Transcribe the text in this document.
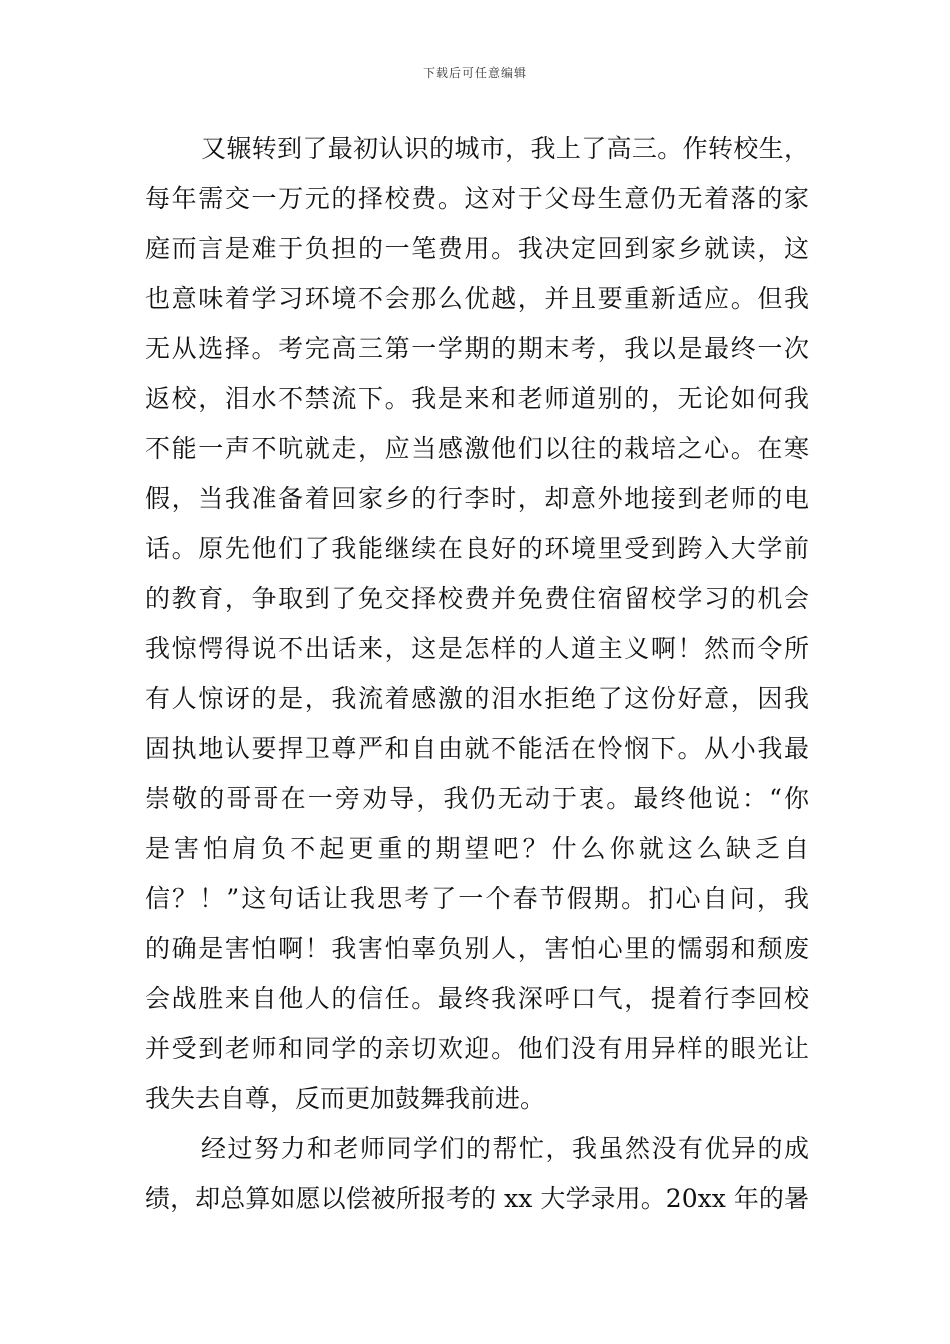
下载后可任意编辑
又辗转到了最初认识的城市，我上了高三。作转校生，
每年需交一万元的择校费。这对于父母生意仍无着落的家
庭而言是难于负担的一笔费用。我决定回到家乡就读，这
也意味着学习环境不会那么优越，并且要重新适应。但我
无从选择。考完高三第一学期的期末考，我以是最终一次
返校，泪水不禁流下。我是来和老师道别的，无论如何我
不能一声不吭就走，应当感激他们以往的栽培之心。在寒
假，当我准备着回家乡的行李时，却意外地接到老师的电
话。原先他们了我能继续在良好的环境里受到跨入大学前
的教育，争取到了免交择校费并免费住宿留校学习的机会
我惊愕得说不出话来，这是怎样的人道主义啊！然而令所
有人惊讶的是，我流着感激的泪水拒绝了这份好意，因我
固执地认要捍卫尊严和自由就不能活在怜悯下。从小我最
崇敬的哥哥在一旁劝导，我仍无动于衷。最终他说：“你
是害怕肩负不起更重的期望吧？什么你就这么缺乏自
信？！”这句话让我思考了一个春节假期。扪心自问，我
的确是害怕啊！我害怕辜负别人，害怕心里的懦弱和颓废
会战胜来自他人的信任。最终我深呼口气，提着行李回校
并受到老师和同学的亲切欢迎。他们没有用异样的眼光让
我失去自尊，反而更加鼓舞我前进。
经过努力和老师同学们的帮忙，我虽然没有优异的成
绩，却总算如愿以偿被所报考的 xx 大学录用。20xx 年的暑
